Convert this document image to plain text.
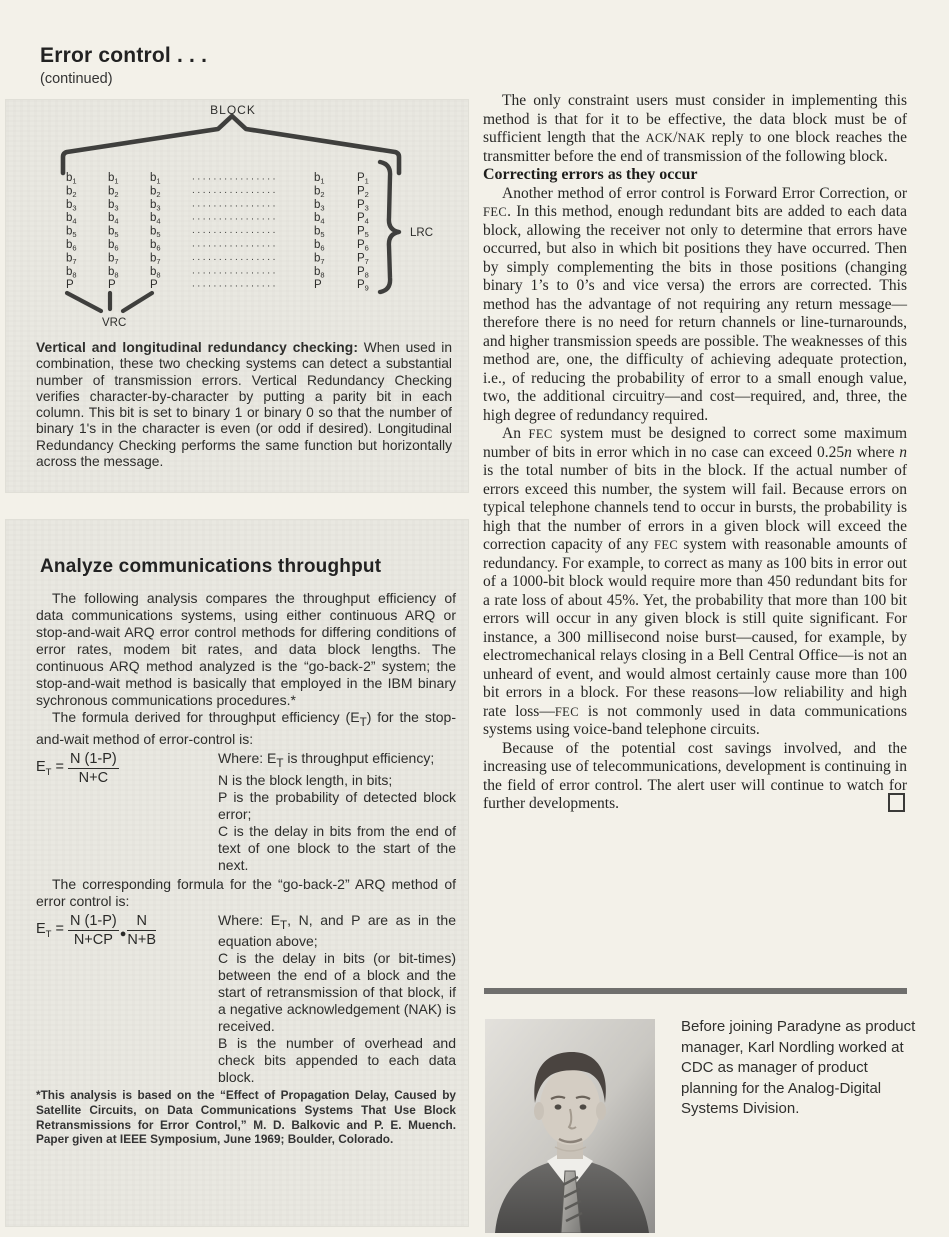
Error control . . .
(continued)
BLOCK
LRC
VRC
$b_1$	$b_1$	$b_1$	................	$b_1$	$P_1$
$b_2$	$b_2$	$b_2$	................	$b_2$	$P_2$
$b_3$	$b_3$	$b_3$	................	$b_3$	$P_3$
$b_4$	$b_4$	$b_4$	................	$b_4$	$P_4$
$b_5$	$b_5$	$b_5$	................	$b_5$	$P_5$
$b_6$	$b_6$	$b_6$	................	$b_6$	$P_6$
$b_7$	$b_7$	$b_7$	................	$b_7$	$P_7$
$b_8$	$b_8$	$b_8$	................	$b_8$	$P_8$
P	P	P	................	P	$P_9$

Vertical and longitudinal redundancy checking: When used in combination, these two checking systems can detect a substantial number of transmission errors. Vertical Redundancy Checking verifies character-by-character by putting a parity bit in each column. This bit is set to binary 1 or binary 0 so that the number of binary 1's in the character is even (or odd if desired). Longitudinal Redundancy Checking performs the same function but horizontally across the message.

Analyze communications throughput

The following analysis compares the throughput efficiency of data communications systems, using either continuous ARQ or stop-and-wait ARQ error control methods for differing conditions of error rates, modem bit rates, and data block lengths. The continuous ARQ method analyzed is the “go-back-2” system; the stop-and-wait method is basically that employed in the IBM binary sychronous communications procedures.*

The formula derived for throughput efficiency $(E_T)$ for the stop-and-wait method of error-control is:

$E_T = \frac{N (1-P)}{N+C}$	Where: $E_T$ is throughput efficiency;
N is the block length, in bits;
P is the probability of detected block error;
C is the delay in bits from the end of text of one block to the start of the next.

The corresponding formula for the “go-back-2” ARQ method of error control is:

$E_T = \frac{N (1-P)}{N+CP}$ ● $\frac{N}{N+B}$	Where: $E_T$, N, and P are as in the equation above;
C is the delay in bits (or bit-times) between the end of a block and the start of retransmission of that block, if a negative acknowledgement (NAK) is received.
B is the number of overhead and check bits appended to each data block.

*This analysis is based on the “Effect of Propagation Delay, Caused by Satellite Circuits, on Data Communications Systems That Use Block Retransmissions for Error Control,” M. D. Balkovic and P. E. Muench. Paper given at IEEE Symposium, June 1969; Boulder, Colorado.

The only constraint users must consider in implementing this method is that for it to be effective, the data block must be of sufficient length that the ACK/NAK reply to one block reaches the transmitter before the end of transmission of the following block.

Correcting errors as they occur

Another method of error control is Forward Error Correction, or FEC. In this method, enough redundant bits are added to each data block, allowing the receiver not only to determine that errors have occurred, but also in which bit positions they have occurred. Then by simply complementing the bits in those positions (changing binary 1’s to 0’s and vice versa) the errors are corrected. This method has the advantage of not requiring any return message—therefore there is no need for return channels or line-turnarounds, and higher transmission speeds are possible. The weaknesses of this method are, one, the difficulty of achieving adequate protection, i.e., of reducing the probability of error to a small enough value, two, the additional circuitry—and cost—required, and, three, the high degree of redundancy required.

An FEC system must be designed to correct some maximum number of bits in error which in no case can exceed 0.25n where n is the total number of bits in the block. If the actual number of errors exceed this number, the system will fail. Because errors on typical telephone channels tend to occur in bursts, the probability is high that the number of errors in a given block will exceed the correction capacity of any FEC system with reasonable amounts of redundancy. For example, to correct as many as 100 bits in error out of a 1000-bit block would require more than 450 redundant bits for a rate loss of about 45%. Yet, the probability that more than 100 bit errors will occur in any given block is still quite significant. For instance, a 300 millisecond noise burst—caused, for example, by electromechanical relays closing in a Bell Central Office—is not an unheard of event, and would almost certainly cause more than 100 bit errors in a block. For these reasons—low reliability and high rate loss—FEC is not commonly used in data communications systems using voice-band telephone circuits.

Because of the potential cost savings involved, and the increasing use of telecommunications, development is continuing in the field of error control. The alert user will continue to watch for further developments.

Before joining Paradyne as product manager, Karl Nordling worked at CDC as manager of product planning for the Analog-Digital Systems Division.
